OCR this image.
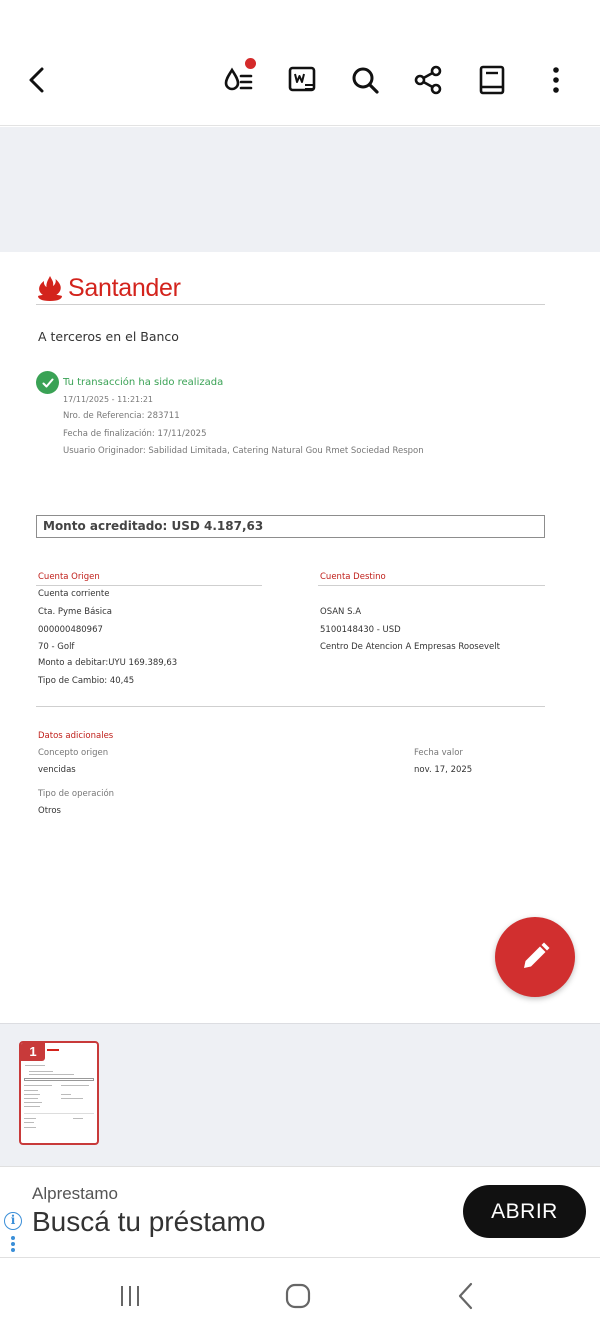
Santander
A terceros en el Banco
Tu transacción ha sido realizada
17/11/2025 - 11:21:21
Nro. de Referencia: 283711
Fecha de finalización: 17/11/2025
Usuario Originador: Sabilidad Limitada, Catering Natural Gou Rmet Sociedad Respon
Monto acreditado: USD 4.187,63
Cuenta Origen
Cuenta corriente
Cta. Pyme Básica
000000480967
70 - Golf
Monto a debitar:UYU 169.389,63
Tipo de Cambio: 40,45
Cuenta Destino
OSAN S.A
5100148430 - USD
Centro De Atencion A Empresas Roosevelt
Datos adicionales
Concepto origen
vencidas
Fecha valor
nov. 17, 2025
Tipo de operación
Otros
1
i
Alprestamo
Buscá tu préstamo	ABRIR
